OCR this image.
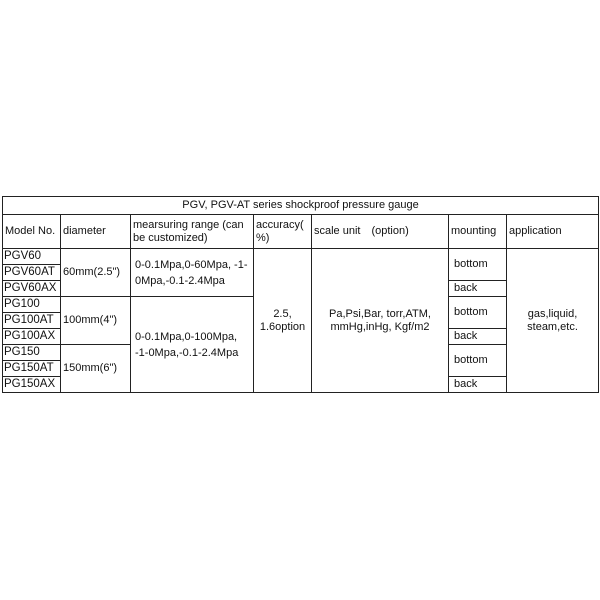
PGV, PGV-AT series shockproof pressure gauge						
Model No.	diameter	mearsuring range (can be customized)	accuracy( %)	scale unit　(option)	mounting	application
PGV60	60mm(2.5")	0-0.1Mpa,0-60Mpa, -1-0Mpa,-0.1-2.4Mpa	2.5, 1.6option	Pa,Psi,Bar, torr,ATM, mmHg,inHg, Kgf/m2	bottom	gas,liquid, steam,etc.
PGV60AT						
PGV60AX					back	
PG100	100mm(4")	0-0.1Mpa,0-100Mpa, -1-0Mpa,-0.1-2.4Mpa			bottom	
PG100AT						
PG100AX					back	
PG150	150mm(6")				bottom	
PG150AT						
PG150AX					back	
